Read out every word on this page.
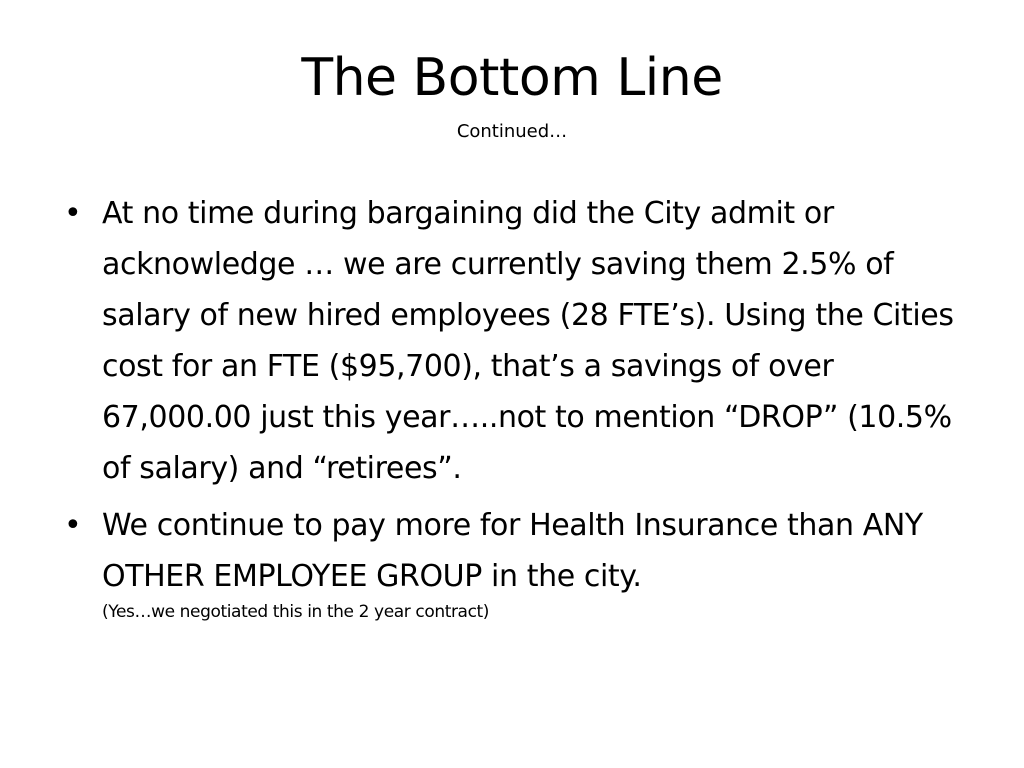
The Bottom Line
Continued…
• At no time during bargaining did the City admit or acknowledge … we are currently saving them 2.5% of salary of new hired employees (28 FTE’s). Using the Cities cost for an FTE ($95,700), that’s a savings of over 67,000.00 just this year…..not to mention “DROP” (10.5% of salary) and “retirees”.
• We continue to pay more for Health Insurance than ANY OTHER EMPLOYEE GROUP in the city.
(Yes…we negotiated this in the 2 year contract)
